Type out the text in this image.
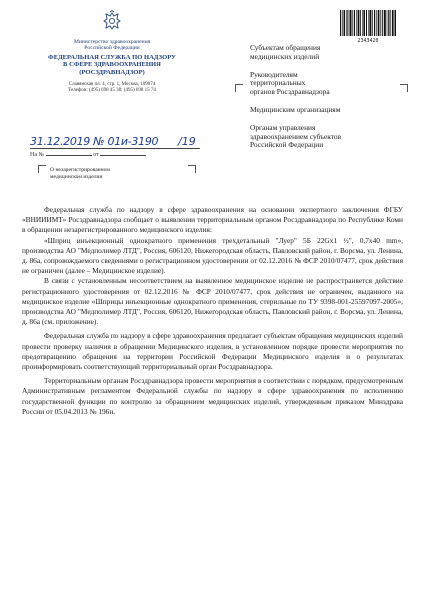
Министерство здравоохранения
Российской Федерации
ФЕДЕРАЛЬНАЯ СЛУЖБА ПО НАДЗОРУ
В СФЕРЕ ЗДРАВООХРАНЕНИЯ
(РОСЗДРАВНАДЗОР)
Славянская пл. 4, стр. 1, Москва, 109074
Телефон: (495) 698 45 38; (495) 698 15 74
31.12.2019 № 01и-3190 /19
На №	от
О незарегистрированном
медицинском изделии
2343420
Субъектам обращения
медицинских изделий
Руководителям
территориальных
органов Росздравнадзора
Медицинским организациям
Органам управления
здравоохранением субъектов
Российской Федерации

Федеральная служба по надзору в сфере здравоохранения на основании экспертного заключения ФГБУ «ВНИИИМТ» Росздравнадзора сообщает о выявлении территориальным органом Росздравнадзора по Республике Коми в обращении незарегистрированного медицинского изделия:

«Шприц инъекционный однократного применения трехдетальный "Луер" 5Б 22Gx1 ½", 0,7x40 mm», производства АО "Медполимер ЛТД", Россия, 606120, Нижегородская область, Павловский район, г. Ворсма, ул. Ленина, д. 86а, сопровождаемого сведениями о регистрационном удостоверении от 02.12.2016 № ФСР 2010/07477, срок действия не ограничен (далее – Медицинское изделие).

В связи с установленным несоответствием на выявленное медицинское изделие не распространяется действие регистрационного удостоверения от 02.12.2016 № ФСР 2010/07477, срок действия не ограничен, выданного на медицинское изделие «Шприцы инъекционные однократного применения, стерильные по ТУ 9398-001-25597097-2005», производства АО "Медполимер ЛТД", Россия, 606120, Нижегородская область, Павловский район, г. Ворсма, ул. Ленина, д. 86а (см. приложение).

Федеральная служба по надзору в сфере здравоохранения предлагает субъектам обращения медицинских изделий провести проверку наличия в обращении Медицинского изделия, в установленном порядке провести мероприятия по предотвращению обращения на территории Российской Федерации Медицинского изделия и о результатах проинформировать соответствующий территориальный орган Росздравнадзора.

Территориальным органам Росздравнадзора провести мероприятия в соответствии с порядком, предусмотренным Административным регламентом Федеральной службы по надзору в сфере здравоохранения по исполнению государственной функции по контролю за обращением медицинских изделий, утвержденным приказом Минздрава России от 05.04.2013 № 196н.
